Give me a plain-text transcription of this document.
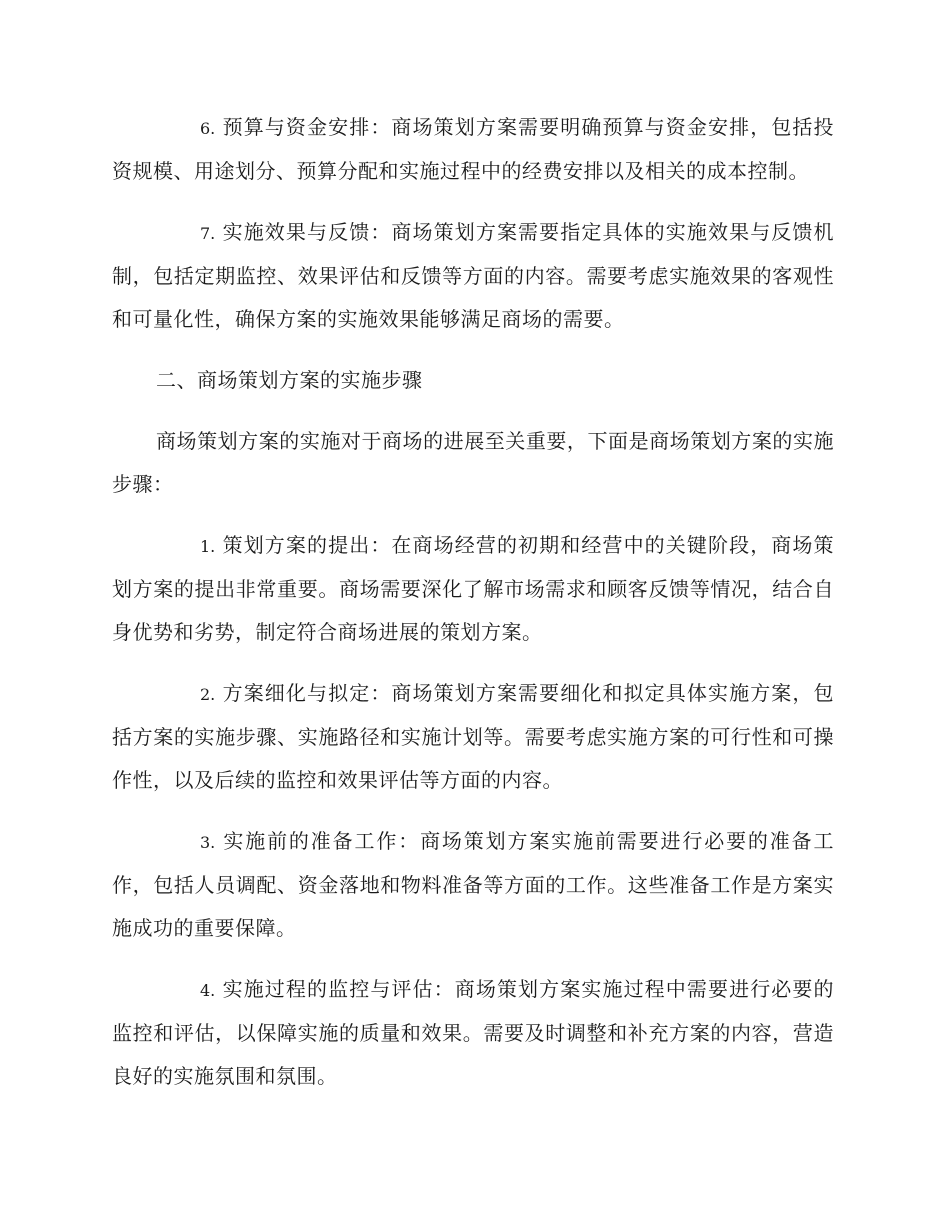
6. 预算与资金安排：商场策划方案需要明确预算与资金安排，包括投资规模、用途划分、预算分配和实施过程中的经费安排以及相关的成本控制。

7. 实施效果与反馈：商场策划方案需要指定具体的实施效果与反馈机制，包括定期监控、效果评估和反馈等方面的内容。需要考虑实施效果的客观性和可量化性，确保方案的实施效果能够满足商场的需要。

二、商场策划方案的实施步骤

商场策划方案的实施对于商场的进展至关重要，下面是商场策划方案的实施步骤：

1. 策划方案的提出：在商场经营的初期和经营中的关键阶段，商场策划方案的提出非常重要。商场需要深化了解市场需求和顾客反馈等情况，结合自身优势和劣势，制定符合商场进展的策划方案。

2. 方案细化与拟定：商场策划方案需要细化和拟定具体实施方案，包括方案的实施步骤、实施路径和实施计划等。需要考虑实施方案的可行性和可操作性，以及后续的监控和效果评估等方面的内容。

3. 实施前的准备工作：商场策划方案实施前需要进行必要的准备工作，包括人员调配、资金落地和物料准备等方面的工作。这些准备工作是方案实施成功的重要保障。

4. 实施过程的监控与评估：商场策划方案实施过程中需要进行必要的监控和评估，以保障实施的质量和效果。需要及时调整和补充方案的内容，营造良好的实施氛围和氛围。
